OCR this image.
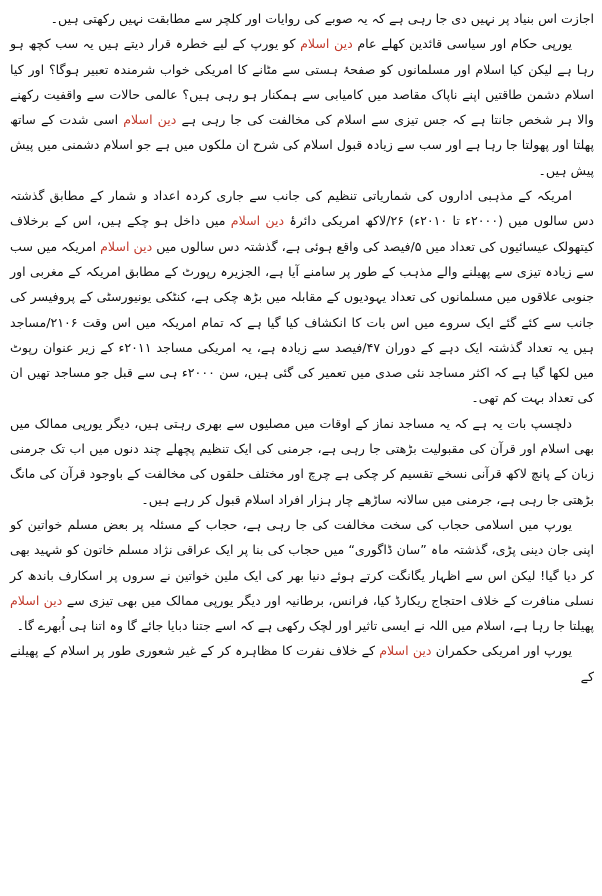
اجازت اس بنیاد پر نہیں دی جا رہی ہے کہ یہ صوبے کی روایات اور کلچر سے مطابقت نہیں رکھتی ہیں۔

یورپی حکام اور سیاسی قائدین کھلے عام دین اسلام کو یورپ کے لیے خطرہ قرار دیتے ہیں یہ سب کچھ ہو رہا ہے لیکن کیا اسلام اور مسلمانوں کو صفحۂ ہستی سے مٹانے کا امریکی خواب شرمندہ تعبیر ہوگا؟ اور کیا اسلام دشمن طاقتیں اپنے ناپاک مقاصد میں کامیابی سے ہمکنار ہو رہی ہیں؟ عالمی حالات سے واقفیت رکھنے والا ہر شخص جانتا ہے کہ جس تیزی سے اسلام کی مخالفت کی جا رہی ہے دین اسلام اسی شدت کے ساتھ پھلتا اور پھولتا جا رہا ہے اور سب سے زیادہ قبول اسلام کی شرح ان ملکوں میں ہے جو اسلام دشمنی میں پیش پیش ہیں۔

امریکہ کے مذہبی اداروں کی شماریاتی تنظیم کی جانب سے جاری کردہ اعداد و شمار کے مطابق گذشتہ دس سالوں میں (۲۰۰۰ء تا ۲۰۱۰ء) ۲۶/لاکھ امریکی دائرۂ دین اسلام میں داخل ہو چکے ہیں، اس کے برخلاف کیتھولک عیسائیوں کی تعداد میں ۵/فیصد کی واقع ہوئی ہے، گذشتہ دس سالوں میں دین اسلام امریکہ میں سب سے زیادہ تیزی سے پھیلنے والے مذہب کے طور پر سامنے آیا ہے، الجزیرہ رپورٹ کے مطابق امریکہ کے مغربی اور جنوبی علاقوں میں مسلمانوں کی تعداد یہودیوں کے مقابلہ میں بڑھ چکی ہے، کنٹکی یونیورسٹی کے پروفیسر کی جانب سے کئے گئے ایک سروے میں اس بات کا انکشاف کیا گیا ہے کہ تمام امریکہ میں اس وقت ۲۱۰۶/مساجد ہیں یہ تعداد گذشتہ ایک دہے کے دوران ۴۷/فیصد سے زیادہ ہے، یہ امریکی مساجد ۲۰۱۱ء کے زیر عنوان رپوٹ میں لکھا گیا ہے کہ اکثر مساجد نئی صدی میں تعمیر کی گئی ہیں، سن ۲۰۰۰ء ہی سے قبل جو مساجد تھیں ان کی تعداد بہت کم تھی۔

دلچسپ بات یہ ہے کہ یہ مساجد نماز کے اوقات میں مصلیوں سے بھری رہتی ہیں، دیگر یورپی ممالک میں بھی اسلام اور قرآن کی مقبولیت بڑھتی جا رہی ہے، جرمنی کی ایک تنظیم پچھلے چند دنوں میں اب تک جرمنی زبان کے پانچ لاکھ قرآنی نسخے تقسیم کر چکی ہے چرچ اور مختلف حلقوں کی مخالفت کے باوجود قرآن کی مانگ بڑھتی جا رہی ہے، جرمنی میں سالانہ ساڑھے چار ہزار افراد اسلام قبول کر رہے ہیں۔

یورپ میں اسلامی حجاب کی سخت مخالفت کی جا رہی ہے، حجاب کے مسئلہ پر بعض مسلم خواتین کو اپنی جان دینی پڑی، گذشتہ ماہ ”سان ڈاگوری“ میں حجاب کی بنا پر ایک عراقی نژاد مسلم خاتون کو شہید بھی کر دیا گیا! لیکن اس سے اظہار یگانگت کرتے ہوئے دنیا بھر کی ایک ملین خواتین نے سروں پر اسکارف باندھ کر نسلی منافرت کے خلاف احتجاج ریکارڈ کیا، فرانس، برطانیہ اور دیگر یورپی ممالک میں بھی تیزی سے دین اسلام پھیلتا جا رہا ہے، اسلام میں اللہ نے ایسی تاثیر اور لچک رکھی ہے کہ اسے جتنا دبایا جائے گا وہ اتنا ہی اُبھرے گا۔

یورپ اور امریکی حکمران دین اسلام کے خلاف نفرت کا مظاہرہ کر کے غیر شعوری طور پر اسلام کے پھیلنے کے
